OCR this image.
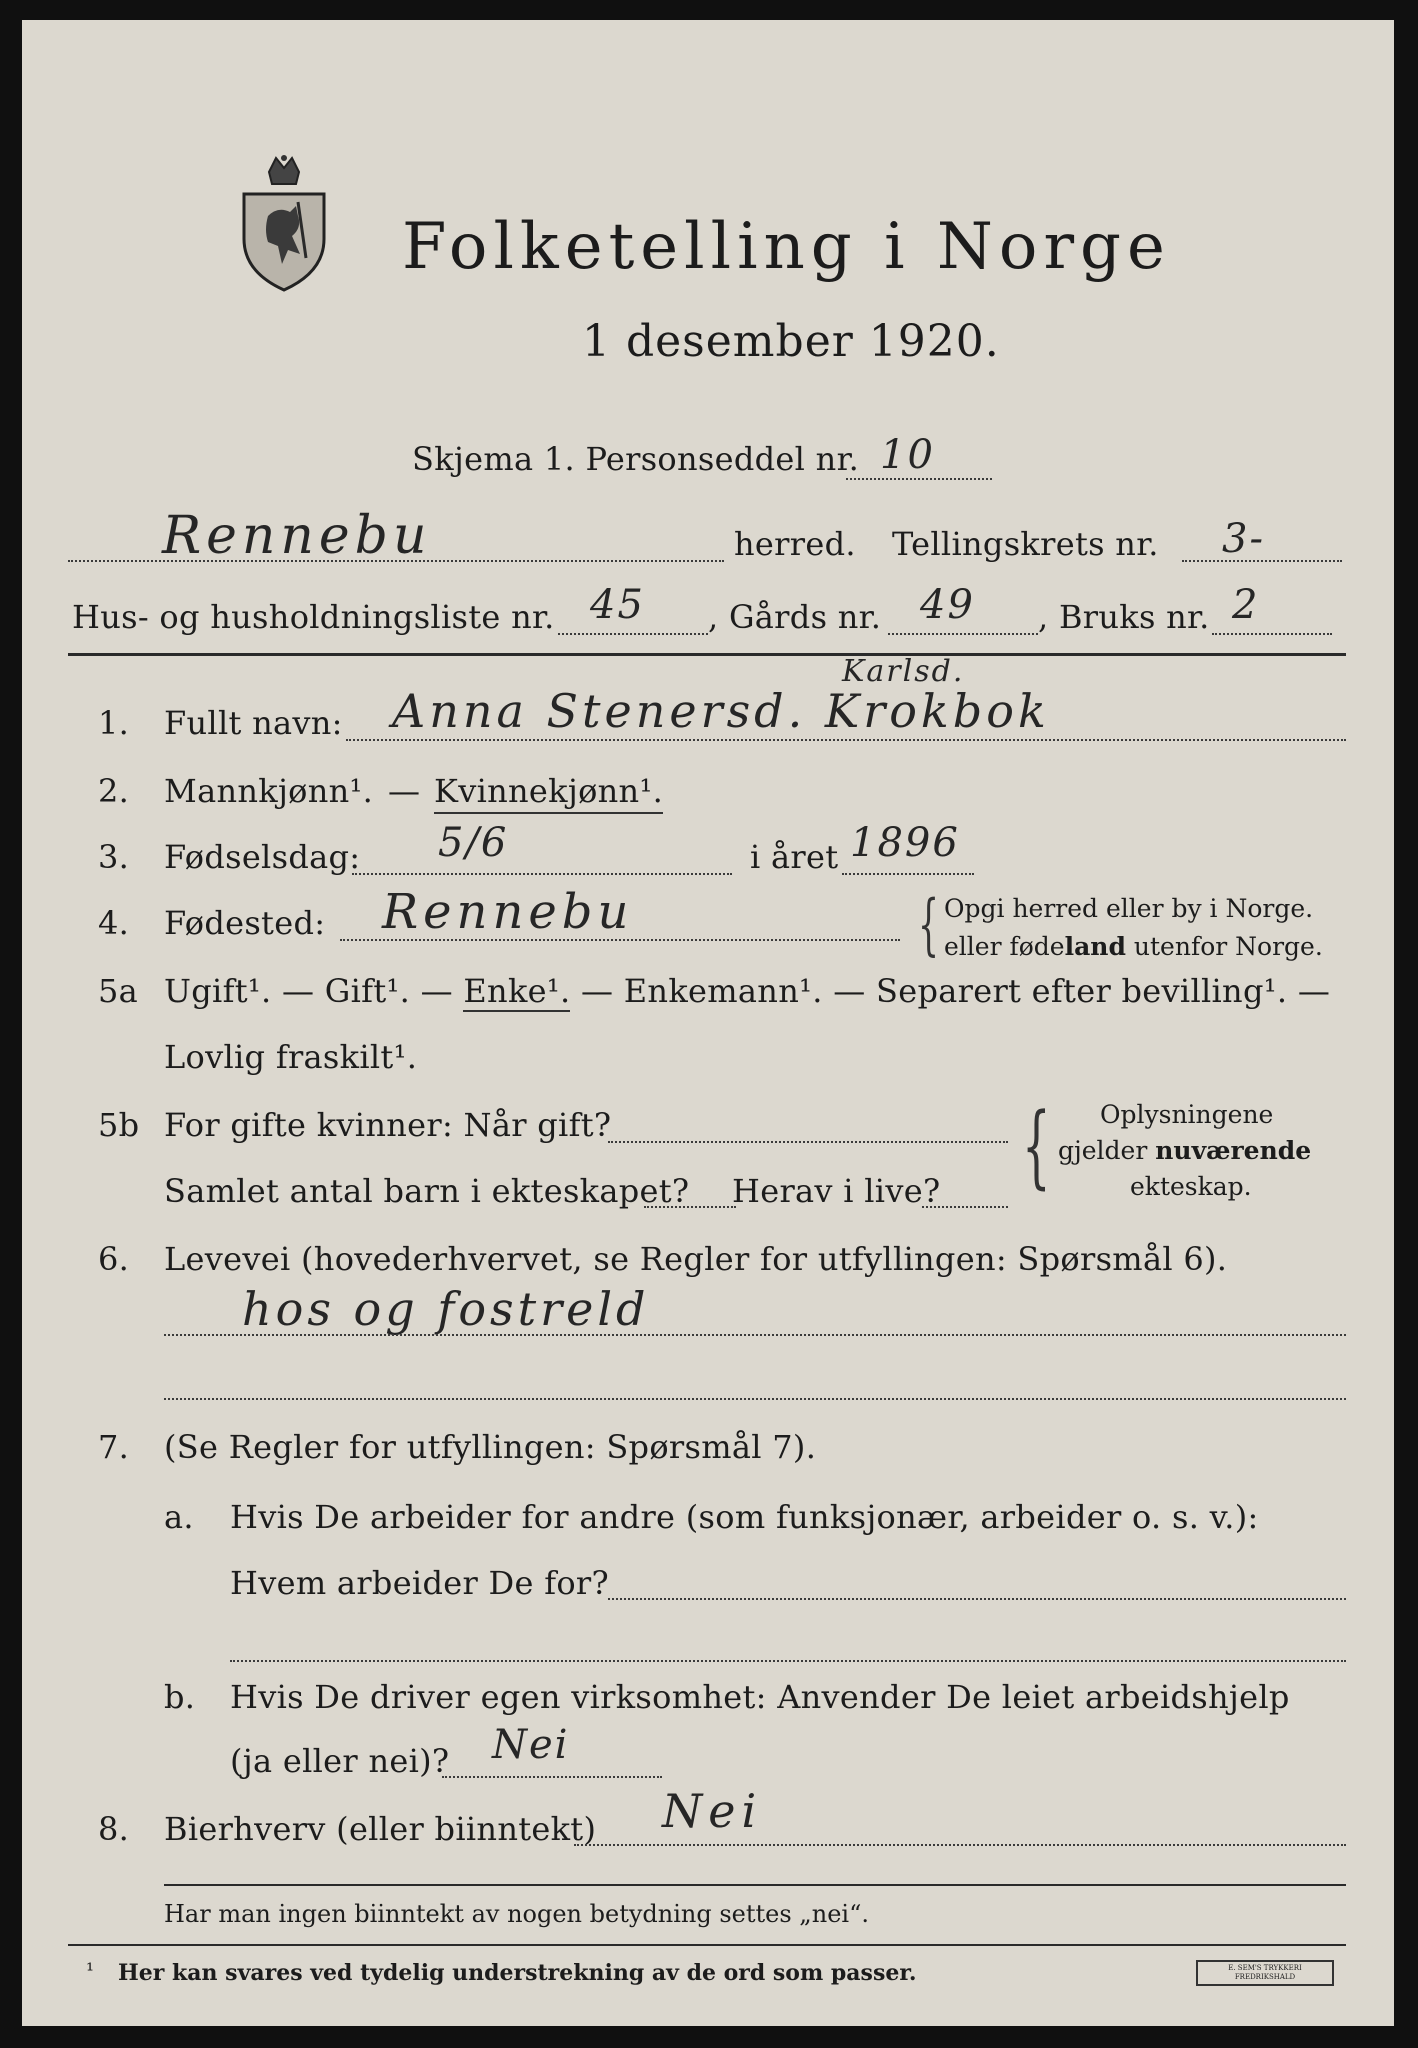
Folketelling i Norge
1 desember 1920.
Skjema 1. Personseddel nr. 10
Rennebu	herred. Tellingskrets nr. 3-
Hus- og husholdningsliste nr. 45 , Gårds nr. 49 , Bruks nr. 2
1. Fullt navn:
Karlsd.
Anna Stenersd. Krokbok
2. Mannkjønn¹. — Kvinnekjønn¹.
3. Fødselsdag: 5/6	i året 1896
4. Fødested: Rennebu	{ Opgi herred eller by i Norge.
eller fødeland utenfor Norge.
5a Ugift¹. — Gift¹. — Enke¹. — Enkemann¹. — Separert efter bevilling¹. —
Lovlig fraskilt¹.
5b For gifte kvinner: Når gift?
Samlet antal barn i ekteskapet? Herav i live? { Oplysningene
gjelder nuværende
ekteskap.
6. Levevei (hovederhvervet, se Regler for utfyllingen: Spørsmål 6).
hos og fostreld
7. (Se Regler for utfyllingen: Spørsmål 7).
a. Hvis De arbeider for andre (som funksjonær, arbeider o. s. v.):
Hvem arbeider De for?
b. Hvis De driver egen virksomhet: Anvender De leiet arbeidshjelp
(ja eller nei)? Nei
8. Bierhverv (eller biinntekt) Nei
Har man ingen biinntekt av nogen betydning settes „nei“.
¹ Her kan svares ved tydelig understrekning av de ord som passer.	E. SEM'S TRYKKERI FREDRIKSHALD
